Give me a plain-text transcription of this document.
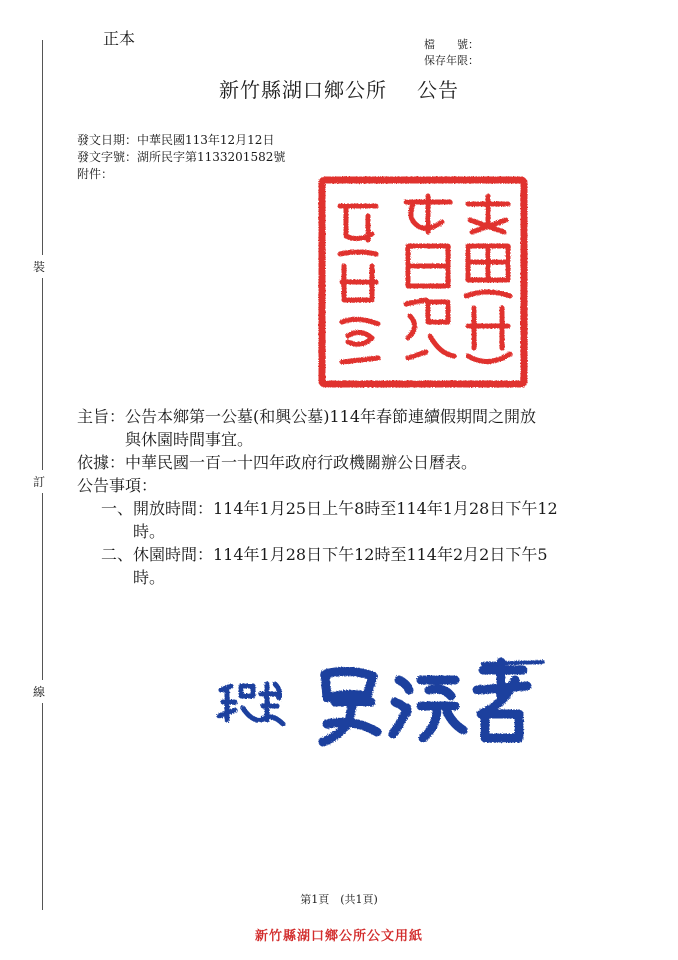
正本	檔　　號：
保存年限：
新竹縣湖口鄉公所 公告
發文日期：中華民國113年12月12日
發文字號：湖所民字第1133201582號
附件：
裝
訂
線
主旨：公告本鄉第一公墓(和興公墓)114年春節連續假期間之開放
與休園時間事宜。
依據：中華民國一百一十四年政府行政機關辦公日曆表。
公告事項：
一、開放時間：114年1月25日上午8時至114年1月28日下午12
時。
二、休園時間：114年1月28日下午12時至114年2月2日下午5
時。
第1頁　(共1頁)
新竹縣湖口鄉公所公文用紙
